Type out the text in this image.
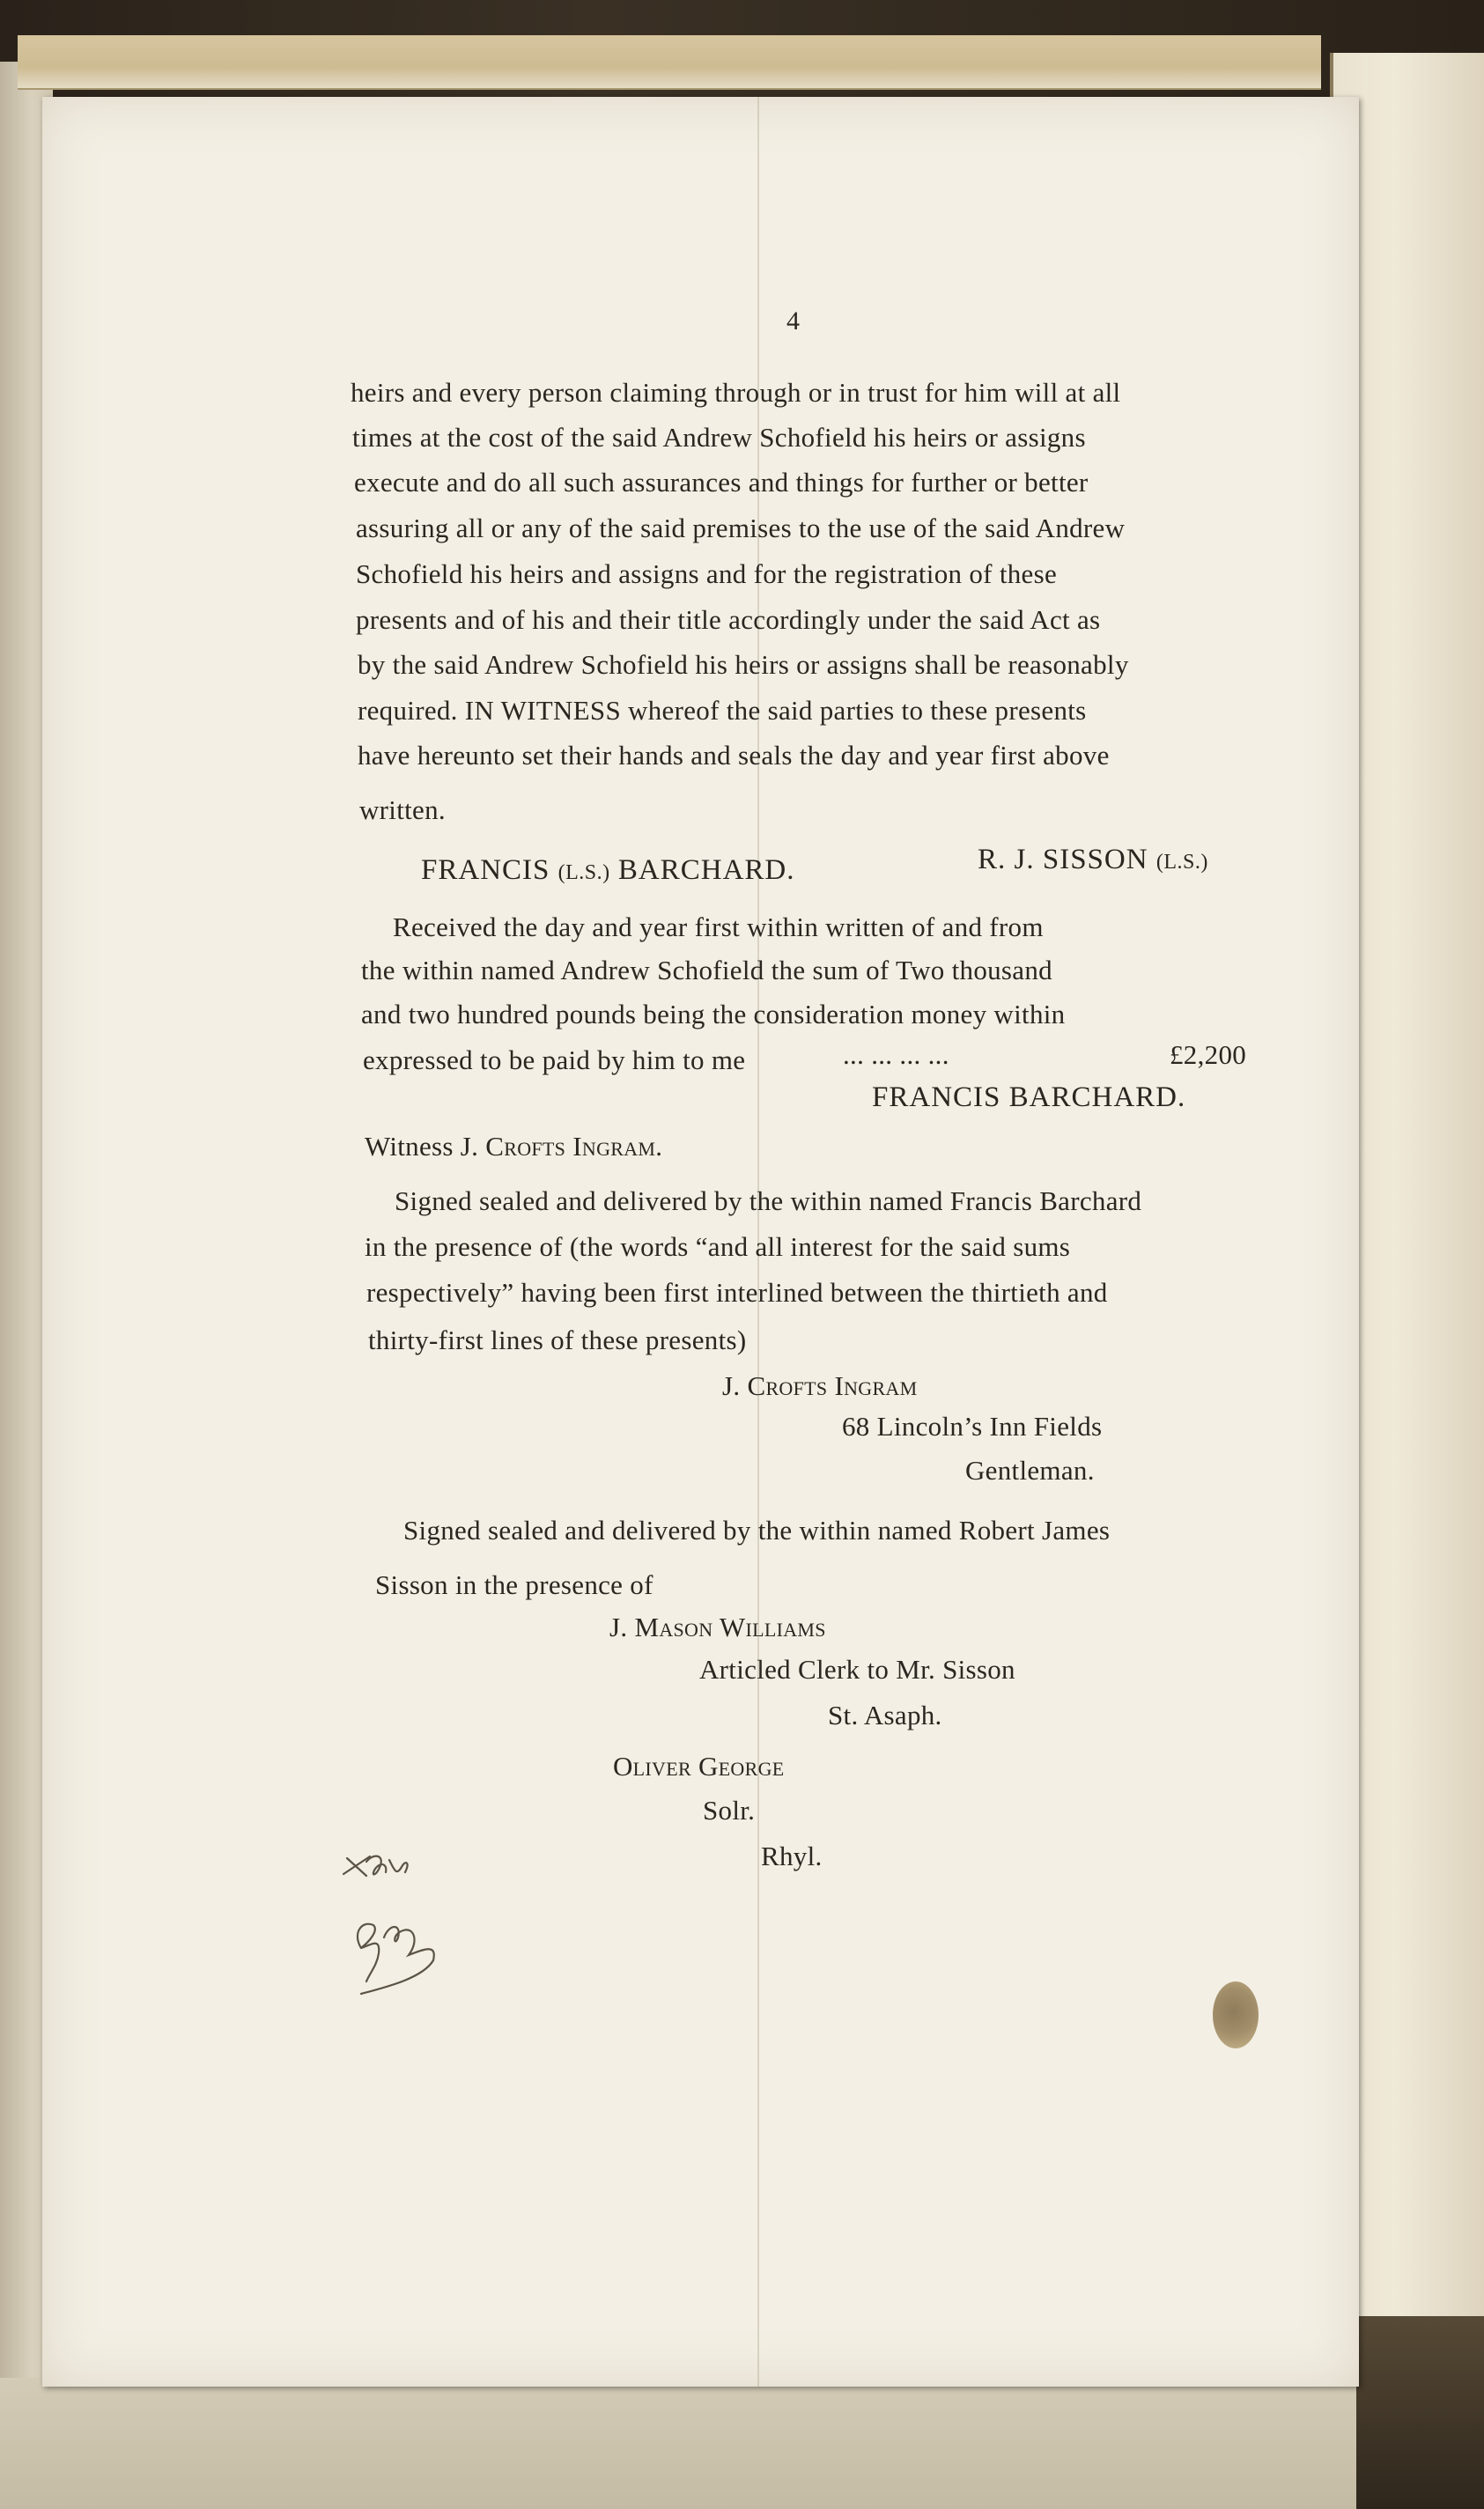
4
heirs and every person claiming through or in trust for him will at all
times at the cost of the said Andrew Schofield his heirs or assigns
execute and do all such assurances and things for further or better
assuring all or any of the said premises to the use of the said Andrew
Schofield his heirs and assigns and for the registration of these
presents and of his and their title accordingly under the said Act as
by the said Andrew Schofield his heirs or assigns shall be reasonably
required. IN WITNESS whereof the said parties to these presents
have hereunto set their hands and seals the day and year first above
written.
FRANCIS (L.S.) BARCHARD.	R. J. SISSON (L.S.)
Received the day and year first within written of and from
the within named Andrew Schofield the sum of Two thousand
and two hundred pounds being the consideration money within
expressed to be paid by him to me	... ... ... ...	£2,200
FRANCIS BARCHARD.
Witness J. Crofts Ingram.
Signed sealed and delivered by the within named Francis Barchard
in the presence of (the words “and all interest for the said sums
respectively” having been first interlined between the thirtieth and
thirty-first lines of these presents)
J. Crofts Ingram
68 Lincoln’s Inn Fields
Gentleman.
Signed sealed and delivered by the within named Robert James
Sisson in the presence of
J. Mason Williams
Articled Clerk to Mr. Sisson
St. Asaph.
Oliver George
Solr.
Rhyl.
